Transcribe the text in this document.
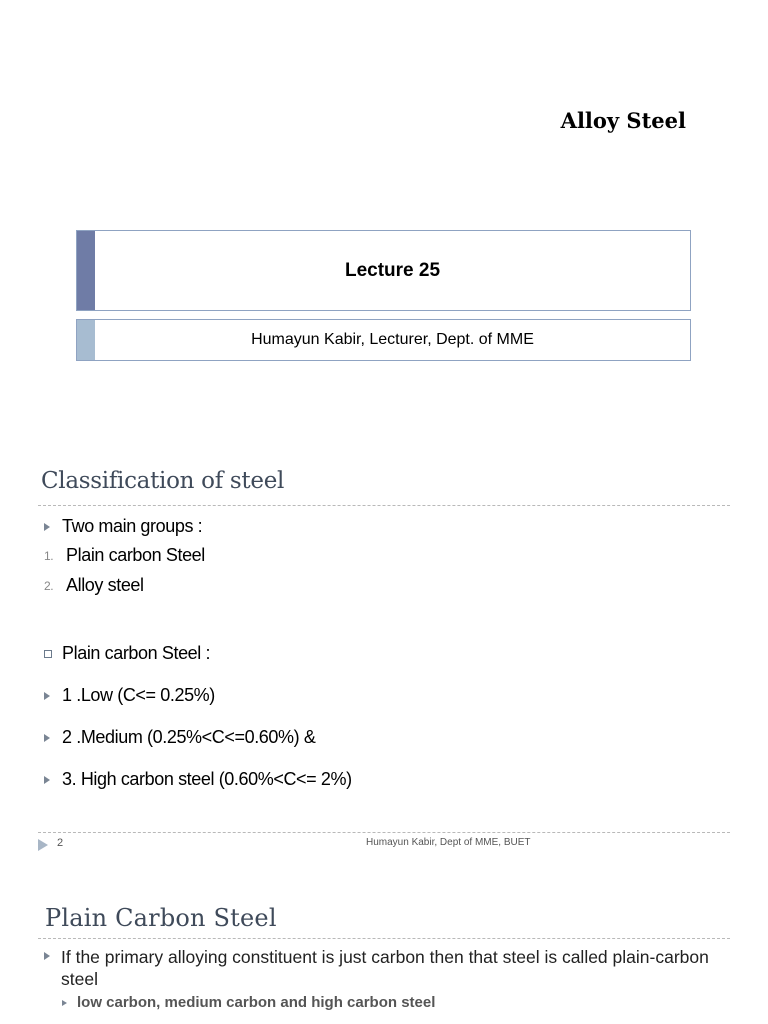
Alloy Steel
Lecture 25
Humayun Kabir, Lecturer, Dept. of MME
Classification of steel
Two main groups :
1. Plain carbon Steel
2. Alloy steel
Plain carbon Steel :
1 .Low (C<= 0.25%)
2 .Medium (0.25%<C<=0.60%) &
3. High carbon steel (0.60%<C<= 2%)
2	Humayun Kabir, Dept of MME, BUET
Plain Carbon Steel
If the primary alloying constituent is just carbon then that steel is called plain-carbon steel
low carbon, medium carbon and high carbon steel
